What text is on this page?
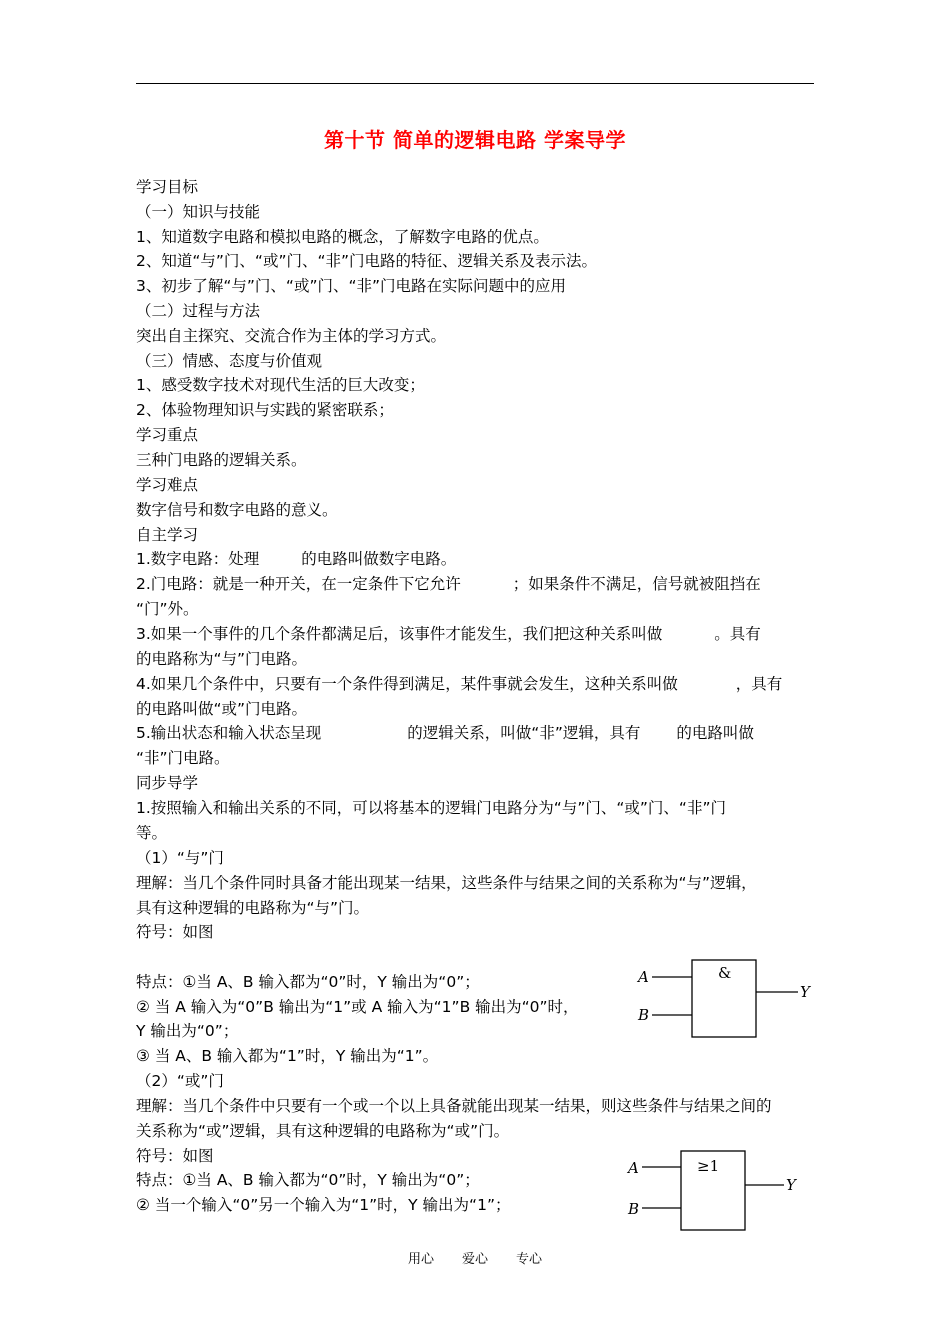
第十节 简单的逻辑电路 学案导学
学习目标
（一）知识与技能
1、知道数字电路和模拟电路的概念，了解数字电路的优点。
2、知道“与”门、“或”门、“非”门电路的特征、逻辑关系及表示法。
3、初步了解“与”门、“或”门、“非”门电路在实际问题中的应用
（二）过程与方法
突出自主探究、交流合作为主体的学习方式。
（三）情感、态度与价值观
1、感受数字技术对现代生活的巨大改变；
2、体验物理知识与实践的紧密联系；
学习重点
三种门电路的逻辑关系。
学习难点
数字信号和数字电路的意义。
自主学习
1.数字电路：处理	的电路叫做数字电路。
2.门电路：就是一种开关，在一定条件下它允许	；如果条件不满足，信号就被阻挡在
“门”外。
3.如果一个事件的几个条件都满足后，该事件才能发生，我们把这种关系叫做	。具有
的电路称为“与”门电路。
4.如果几个条件中，只要有一个条件得到满足，某件事就会发生，这种关系叫做	，具有
的电路叫做“或”门电路。
5.输出状态和输入状态呈现	的逻辑关系，叫做“非”逻辑，具有 的电路叫做
“非”门电路。
同步导学
1.按照输入和输出关系的不同，可以将基本的逻辑门电路分为“与”门、“或”门、“非”门
等。
（1）“与”门
理解：当几个条件同时具备才能出现某一结果，这些条件与结果之间的关系称为“与”逻辑，
具有这种逻辑的电路称为“与”门。
符号：如图
特点：①当 A、B 输入都为“0”时，Y 输出为“0”；
② 当 A 输入为“0”B 输出为“1”或 A 输入为“1”B 输出为“0”时，
Y 输出为“0”；
③ 当 A、B 输入都为“1”时，Y 输出为“1”。
（2）“或”门
理解：当几个条件中只要有一个或一个以上具备就能出现某一结果，则这些条件与结果之间的
关系称为“或”逻辑，具有这种逻辑的电路称为“或”门。
符号：如图
特点：①当 A、B 输入都为“0”时，Y 输出为“0”；
② 当一个输入“0”另一个输入为“1”时，Y 输出为“1”；
A
B
&
Y
A
B
≥1
Y
用心 爱心 专心
